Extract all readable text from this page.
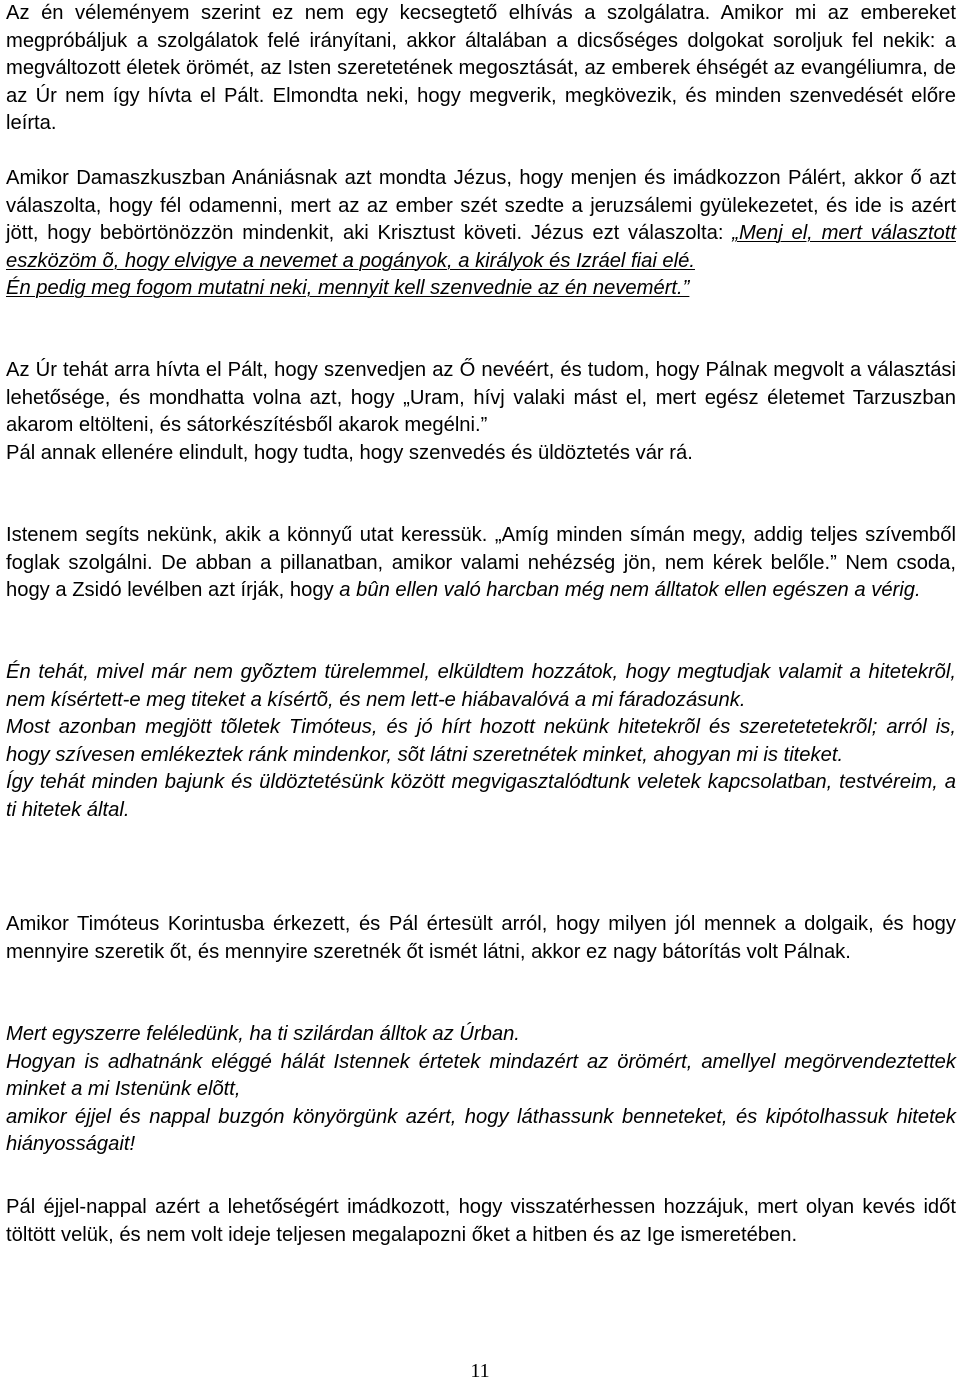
Az én véleményem szerint ez nem egy kecsegtető elhívás a szolgálatra. Amikor mi az embereket megpróbáljuk a szolgálatok felé irányítani, akkor általában a dicsőséges dolgokat soroljuk fel nekik: a megváltozott életek örömét, az Isten szeretetének megosztását, az emberek éhségét az evangéliumra, de az Úr nem így hívta el Pált. Elmondta neki, hogy megverik, megkövezik, és minden szenvedését előre leírta.
Amikor Damaszkuszban Anániásnak azt mondta Jézus, hogy menjen és imádkozzon Pálért, akkor ő azt válaszolta, hogy fél odamenni, mert az az ember szét szedte a jeruzsálemi gyülekezetet, és ide is azért jött, hogy bebörtönözzön mindenkit, aki Krisztust követi. Jézus ezt válaszolta: „Menj el, mert választott eszközöm õ, hogy elvigye a nevemet a pogányok, a királyok és Izráel fiai elé.
Én pedig meg fogom mutatni neki, mennyit kell szenvednie az én nevemért.”
Az Úr tehát arra hívta el Pált, hogy szenvedjen az Ő nevéért, és tudom, hogy Pálnak megvolt a választási lehetősége, és mondhatta volna azt, hogy „Uram, hívj valaki mást el, mert egész életemet Tarzuszban akarom eltölteni, és sátorkészítésből akarok megélni.”
Pál annak ellenére elindult, hogy tudta, hogy szenvedés és üldöztetés vár rá.
Istenem segíts nekünk, akik a könnyű utat keressük. „Amíg minden símán megy, addig teljes szívemből foglak szolgálni. De abban a pillanatban, amikor valami nehézség jön, nem kérek belőle.” Nem csoda, hogy a Zsidó levélben azt írják, hogy a bûn ellen való harcban még nem álltatok ellen egészen a vérig.
Én tehát, mivel már nem gyõztem türelemmel, elküldtem hozzátok, hogy megtudjak valamit a hitetekrõl, nem kísértett-e meg titeket a kísértõ, és nem lett-e hiábavalóvá a mi fáradozásunk.
Most azonban megjött tõletek Timóteus, és jó hírt hozott nekünk hitetekrõl és szeretetetekrõl; arról is, hogy szívesen emlékeztek ránk mindenkor, sõt látni szeretnétek minket, ahogyan mi is titeket.
Így tehát minden bajunk és üldöztetésünk között megvigasztalódtunk veletek kapcsolatban, testvéreim, a ti hitetek által.
Amikor Timóteus Korintusba érkezett, és Pál értesült arról, hogy milyen jól mennek a dolgaik, és hogy mennyire szeretik őt, és mennyire szeretnék őt ismét látni, akkor ez nagy bátorítás volt Pálnak.
Mert egyszerre feléledünk, ha ti szilárdan álltok az Úrban.
Hogyan is adhatnánk eléggé hálát Istennek értetek mindazért az örömért, amellyel megörvendeztettek minket a mi Istenünk elõtt,
amikor éjjel és nappal buzgón könyörgünk azért, hogy láthassunk benneteket, és kipótolhassuk hitetek hiányosságait!
Pál éjjel-nappal azért a lehetőségért imádkozott, hogy visszatérhessen hozzájuk, mert olyan kevés időt töltött velük, és nem volt ideje teljesen megalapozni őket a hitben és az Ige ismeretében.
11
